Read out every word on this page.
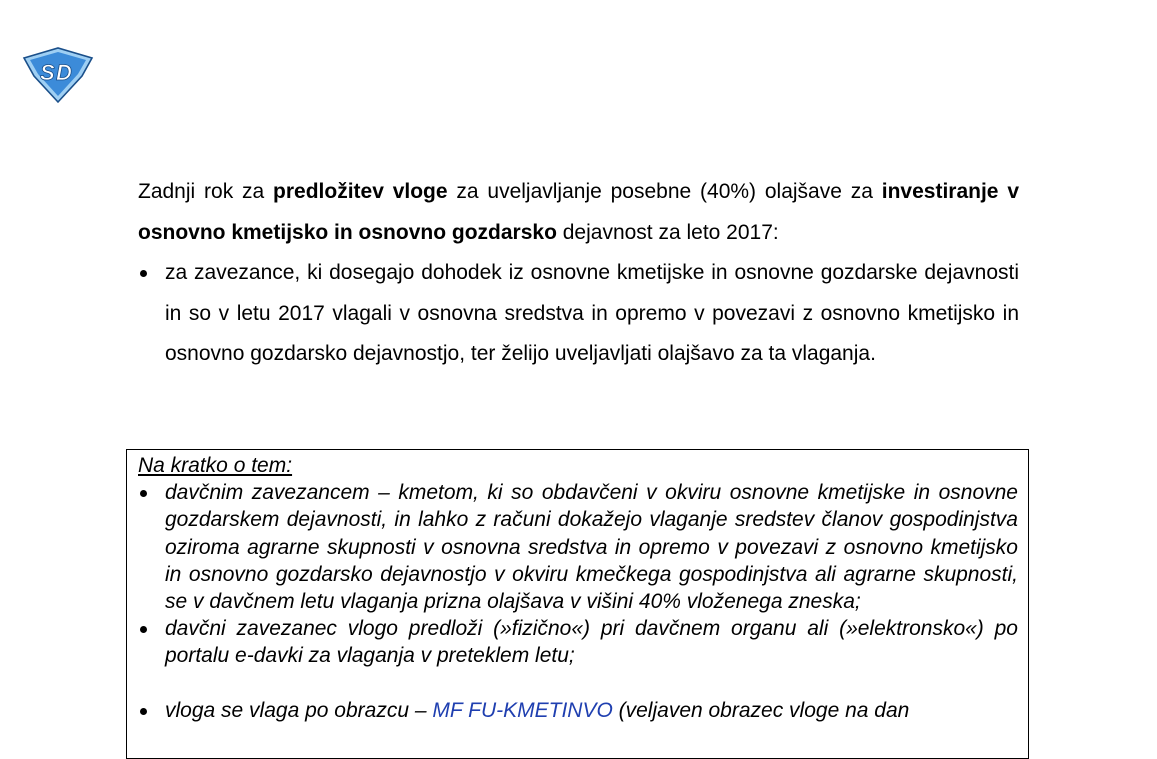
S D

Zadnji rok za predložitev vloge za uveljavljanje posebne (40%) olajšave za investiranje v osnovno kmetijsko in osnovno gozdarsko dejavnost za leto 2017:

za zavezance, ki dosegajo dohodek iz osnovne kmetijske in osnovne gozdarske dejavnosti in so v letu 2017 vlagali v osnovna sredstva in opremo v povezavi z osnovno kmetijsko in osnovno gozdarsko dejavnostjo, ter želijo uveljavljati olajšavo za ta vlaganja.

Na kratko o tem:

davčnim zavezancem – kmetom, ki so obdavčeni v okviru osnovne kmetijske in osnovne gozdarskem dejavnosti, in lahko z računi dokažejo vlaganje sredstev članov gospodinjstva oziroma agrarne skupnosti v osnovna sredstva in opremo v povezavi z osnovno kmetijsko in osnovno gozdarsko dejavnostjo v okviru kmečkega gospodinjstva ali agrarne skupnosti, se v davčnem letu vlaganja prizna olajšava v višini 40% vloženega zneska;
davčni zavezanec vlogo predloži (»fizično«) pri davčnem organu ali (»elektronsko«) po portalu e-davki za vlaganja v preteklem letu;
vloga se vlaga po obrazcu – MF FU-KMETINVO (veljaven obrazec vloge na dan
